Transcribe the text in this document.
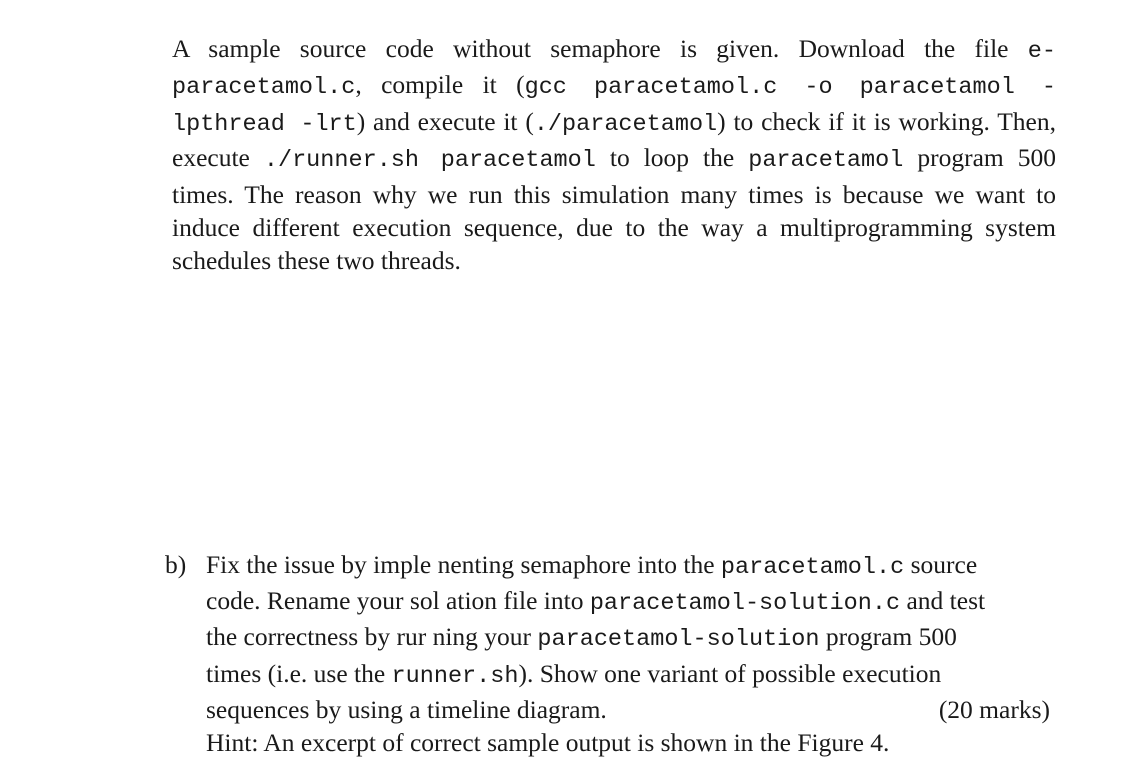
A sample source code without semaphore is given. Download the file e-paracetamol.c, compile it (gcc paracetamol.c -o paracetamol -lpthread -lrt) and execute it (./paracetamol) to check if it is working. Then, execute ./runner.sh paracetamol to loop the paracetamol program 500 times. The reason why we run this simulation many times is because we want to induce different execution sequence, due to the way a multiprogramming system schedules these two threads.

b) Fix the issue by imple nenting semaphore into the paracetamol.c source
code. Rename your sol ation file into paracetamol-solution.c and test
the correctness by rur ning your paracetamol-solution program 500
times (i.e. use the runner.sh). Show one variant of possible execution
sequences by using a timeline diagram.	(20 marks)
Hint: An excerpt of correct sample output is shown in the Figure 4.
